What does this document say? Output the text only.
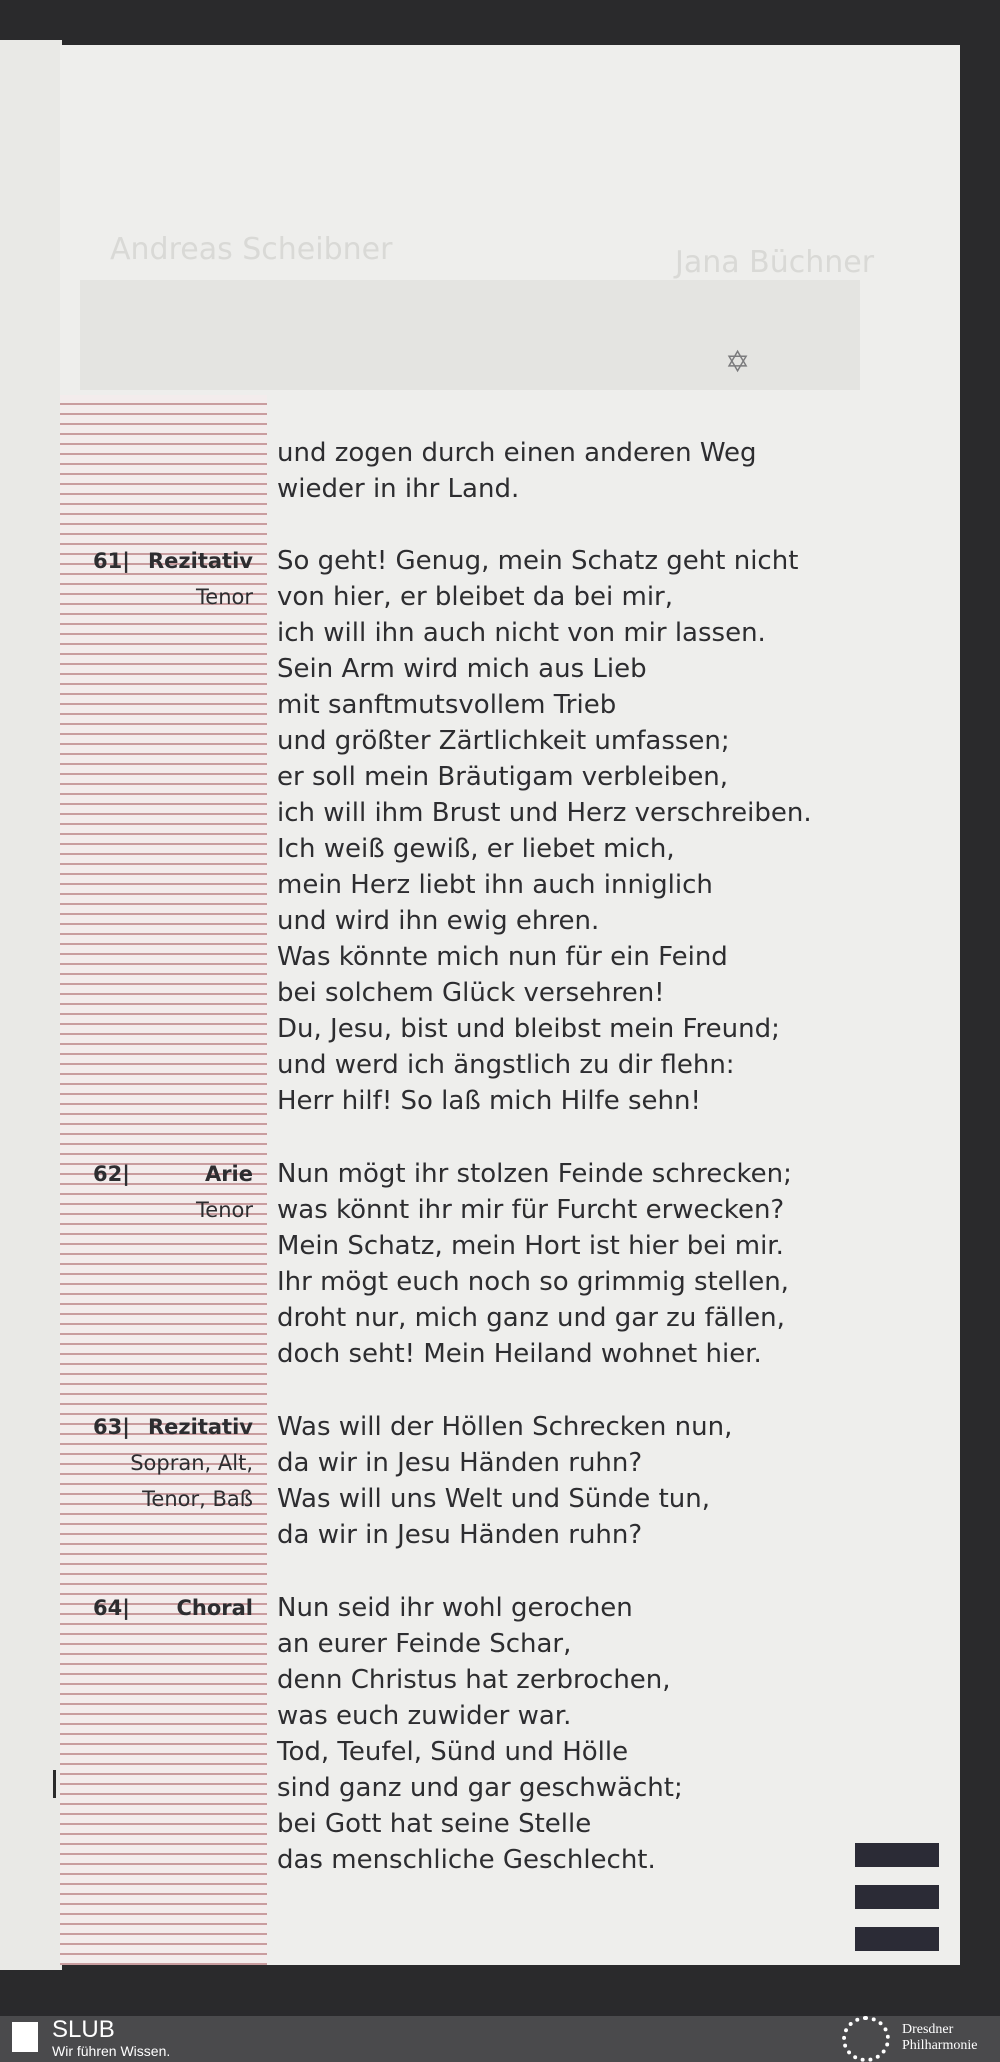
Andreas Scheibner	Jana Büchner
✡
und zogen durch einen anderen Weg
wieder in ihr Land.
61| Rezitativ
Tenor
So geht! Genug, mein Schatz geht nicht
von hier, er bleibet da bei mir,
ich will ihn auch nicht von mir lassen.
Sein Arm wird mich aus Lieb
mit sanftmutsvollem Trieb
und größter Zärtlichkeit umfassen;
er soll mein Bräutigam verbleiben,
ich will ihm Brust und Herz verschreiben.
Ich weiß gewiß, er liebet mich,
mein Herz liebt ihn auch inniglich
und wird ihn ewig ehren.
Was könnte mich nun für ein Feind
bei solchem Glück versehren!
Du, Jesu, bist und bleibst mein Freund;
und werd ich ängstlich zu dir flehn:
Herr hilf! So laß mich Hilfe sehn!
62|	Arie
Tenor
Nun mögt ihr stolzen Feinde schrecken;
was könnt ihr mir für Furcht erwecken?
Mein Schatz, mein Hort ist hier bei mir.
Ihr mögt euch noch so grimmig stellen,
droht nur, mich ganz und gar zu fällen,
doch seht! Mein Heiland wohnet hier.
63| Rezitativ
Sopran, Alt,
Tenor, Baß
Was will der Höllen Schrecken nun,
da wir in Jesu Händen ruhn?
Was will uns Welt und Sünde tun,
da wir in Jesu Händen ruhn?
64| Choral Nun seid ihr wohl gerochen
an eurer Feinde Schar,
denn Christus hat zerbrochen,
was euch zuwider war.
Tod, Teufel, Sünd und Hölle
sind ganz und gar geschwächt;
bei Gott hat seine Stelle
das menschliche Geschlecht.
SLUB
Wir führen Wissen.
Dresdner
Philharmonie
